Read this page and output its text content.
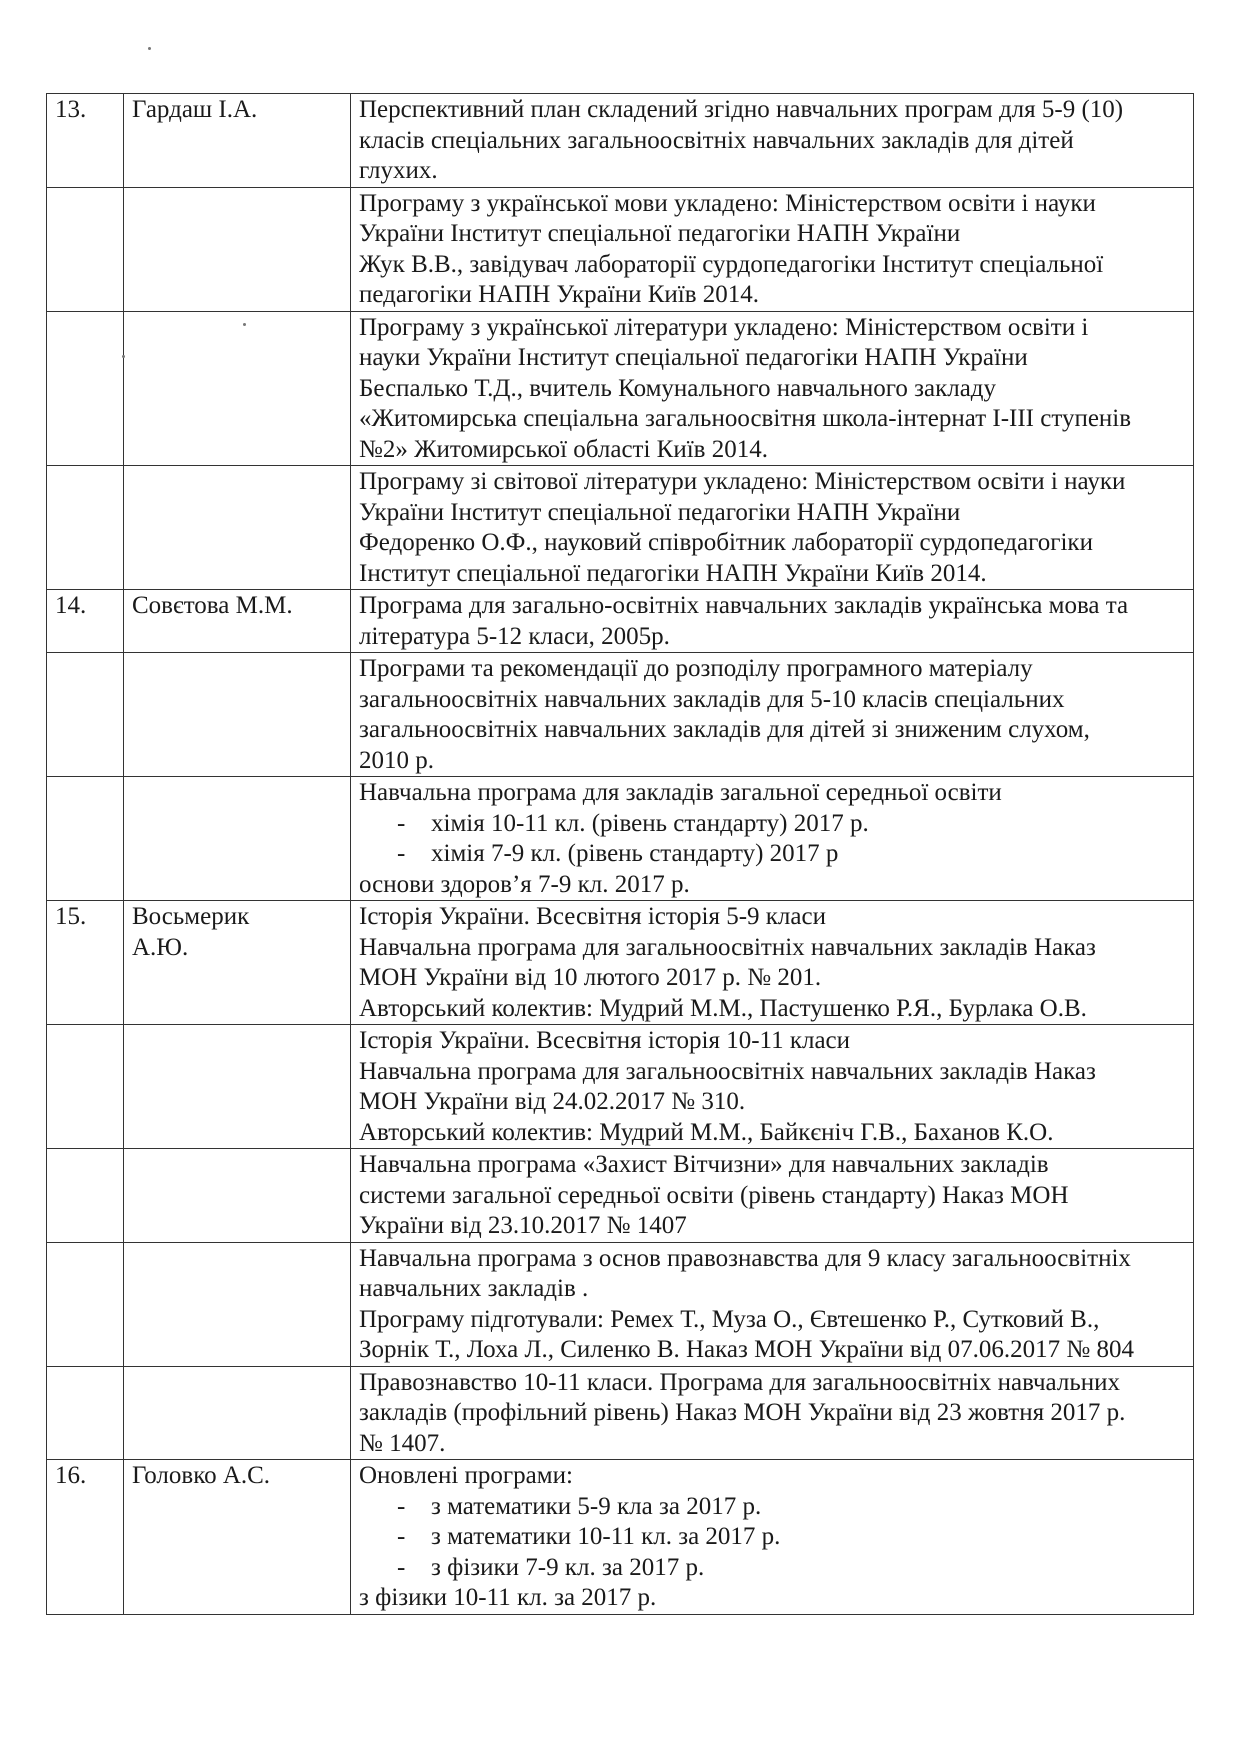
13.	Гардаш І.А.	Перспективний план складений згідно навчальних програм для 5-9 (10)
класів спеціальних загальноосвітніх навчальних закладів для дітей
глухих.

		Програму з української мови укладено: Міністерством освіти і науки
України Інститут спеціальної педагогіки НАПН України
Жук В.В., завідувач лабораторії сурдопедагогіки Інститут спеціальної
педагогіки НАПН України Київ 2014.

		Програму з української літератури укладено: Міністерством освіти і
науки України Інститут спеціальної педагогіки НАПН України
Беспалько Т.Д., вчитель Комунального навчального закладу
«Житомирська спеціальна загальноосвітня школа-інтернат І-ІІІ ступенів
№2» Житомирської області Київ 2014.

		Програму зі світової літератури укладено: Міністерством освіти і науки
України Інститут спеціальної педагогіки НАПН України
Федоренко О.Ф., науковий співробітник лабораторії сурдопедагогіки
Інститут спеціальної педагогіки НАПН України Київ 2014.

14.	Совєтова М.М.	Програма для загально-освітніх навчальних закладів українська мова та
література 5-12 класи, 2005р.

		Програми та рекомендації до розподілу програмного матеріалу
загальноосвітніх навчальних закладів для 5-10 класів спеціальних
загальноосвітніх навчальних закладів для дітей зі зниженим слухом,
2010 р.

		Навчальна програма для закладів загальної середньої освіти
- хімія 10-11 кл. (рівень стандарту) 2017 р.
- хімія 7-9 кл. (рівень стандарту) 2017 р
основи здоров’я 7-9 кл. 2017 р.

15.	Восьмерик
А.Ю.	Історія України. Всесвітня історія 5-9 класи
Навчальна програма для загальноосвітніх навчальних закладів Наказ
МОН України від 10 лютого 2017 р. № 201.
Авторський колектив: Мудрий М.М., Пастушенко Р.Я., Бурлака О.В.

		Історія України. Всесвітня історія 10-11 класи
Навчальна програма для загальноосвітніх навчальних закладів Наказ
МОН України від 24.02.2017 № 310.
Авторський колектив: Мудрий М.М., Байкєніч Г.В., Баханов К.О.

		Навчальна програма «Захист Вітчизни» для навчальних закладів
системи загальної середньої освіти (рівень стандарту) Наказ МОН
України від 23.10.2017 № 1407

		Навчальна програма з основ правознавства для 9 класу загальноосвітніх
навчальних закладів .
Програму підготували: Ремех Т., Муза О., Євтешенко Р., Сутковий В.,
Зорнік Т., Лоха Л., Силенко В. Наказ МОН України від 07.06.2017 № 804

		Правознавство 10-11 класи. Програма для загальноосвітніх навчальних
закладів (профільний рівень) Наказ МОН України від 23 жовтня 2017 р.
№ 1407.

16.	Головко А.С.	Оновлені програми:
- з математики 5-9 кла за 2017 р.
- з математики 10-11 кл. за 2017 р.
- з фізики 7-9 кл. за 2017 р.
з фізики 10-11 кл. за 2017 р.
